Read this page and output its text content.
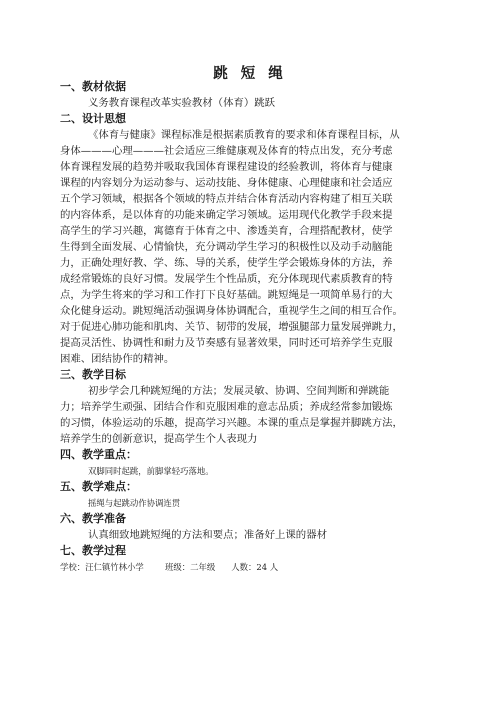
跳 短 绳
一、教材依据
义务教育课程改革实验教材（体育）跳跃
二、设计思想
《体育与健康》课程标准是根据素质教育的要求和体育课程目标，从
身体———心理———社会适应三维健康观及体育的特点出发，充分考虑
体育课程发展的趋势并吸取我国体育课程建设的经验教训，将体育与健康
课程的内容划分为运动参与、运动技能、身体健康、心理健康和社会适应
五个学习领域，根据各个领域的特点并结合体育活动内容构建了相互关联
的内容体系，是以体育的功能来确定学习领域。运用现代化教学手段来提
高学生的学习兴趣，寓德育于体育之中、渗透美育，合理搭配教材，使学
生得到全面发展、心情愉快，充分调动学生学习的积极性以及动手动脑能
力，正确处理好教、学、练、导的关系，使学生学会锻炼身体的方法，养
成经常锻炼的良好习惯。发展学生个性品质，充分体现现代素质教育的特
点，为学生将来的学习和工作打下良好基础。跳短绳是一项简单易行的大
众化健身运动。跳短绳活动强调身体协调配合，重视学生之间的相互合作。
对于促进心肺功能和肌肉、关节、韧带的发展，增强腿部力量发展弹跳力，
提高灵活性、协调性和耐力及节奏感有显著效果，同时还可培养学生克服
困难、团结协作的精神。
三、教学目标
初步学会几种跳短绳的方法；发展灵敏、协调、空间判断和弹跳能
力；培养学生顽强、团结合作和克服困难的意志品质；养成经常参加锻炼
的习惯，体验运动的乐趣，提高学习兴趣。本课的重点是掌握并脚跳方法，
培养学生的创新意识，提高学生个人表现力
四、教学重点：
双脚同时起跳，前脚掌轻巧落地。
五、教学难点：
摇绳与起跳动作协调连贯
六、教学准备
认真细致地跳短绳的方法和要点；准备好上课的器材
七、教学过程
学校：汪仁镇竹林小学        班级：二年级      人数：24 人
